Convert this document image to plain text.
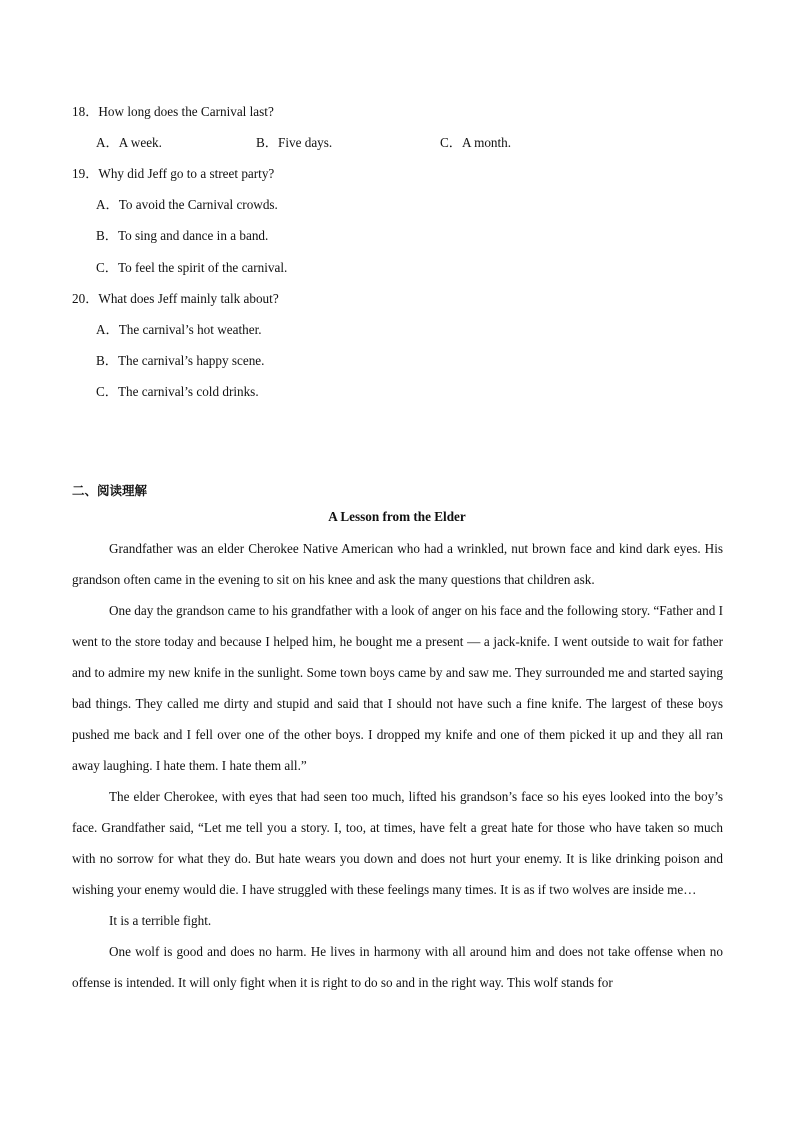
18．How long does the Carnival last?
A．A week.	B．Five days.	C．A month.
19．Why did Jeff go to a street party?
A．To avoid the Carnival crowds.
B．To sing and dance in a band.
C．To feel the spirit of the carnival.
20．What does Jeff mainly talk about?
A．The carnival’s hot weather.
B．The carnival’s happy scene.
C．The carnival’s cold drinks.
二、阅读理解
A Lesson from the Elder

Grandfather was an elder Cherokee Native American who had a wrinkled, nut brown face and kind dark eyes. His grandson often came in the evening to sit on his knee and ask the many questions that children ask.

One day the grandson came to his grandfather with a look of anger on his face and the following story. “Father and I went to the store today and because I helped him, he bought me a present — a jack-knife. I went outside to wait for father and to admire my new knife in the sunlight. Some town boys came by and saw me. They surrounded me and started saying bad things. They called me dirty and stupid and said that I should not have such a fine knife. The largest of these boys pushed me back and I fell over one of the other boys. I dropped my knife and one of them picked it up and they all ran away laughing. I hate them. I hate them all.”

The elder Cherokee, with eyes that had seen too much, lifted his grandson’s face so his eyes looked into the boy’s face. Grandfather said, “Let me tell you a story. I, too, at times, have felt a great hate for those who have taken so much with no sorrow for what they do. But hate wears you down and does not hurt your enemy. It is like drinking poison and wishing your enemy would die. I have struggled with these feelings many times. It is as if two wolves are inside me…

It is a terrible fight.

One wolf is good and does no harm. He lives in harmony with all around him and does not take offense when no offense is intended. It will only fight when it is right to do so and in the right way. This wolf stands for
